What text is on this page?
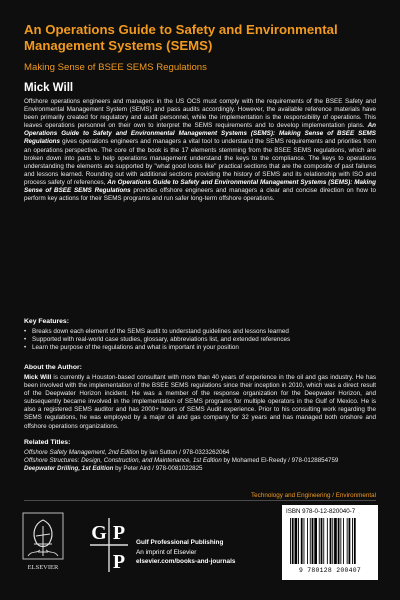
An Operations Guide to Safety and Environmental Management Systems (SEMS)

Making Sense of BSEE SEMS Regulations

Mick Will

Offshore operations engineers and managers in the US OCS must comply with the requirements of the BSEE Safety and Environmental Management System (SEMS) and pass audits accordingly. However, the available reference materials have been primarily created for regulatory and audit personnel, while the implementation is the responsibility of operations. This leaves operations personnel on their own to interpret the SEMS requirements and to develop implementation plans. An Operations Guide to Safety and Environmental Management Systems (SEMS): Making Sense of BSEE SEMS Regulations gives operations engineers and managers a vital tool to understand the SEMS requirements and priorities from an operations perspective. The core of the book is the 17 elements stemming from the BSEE SEMS regulations, which are broken down into parts to help operations management understand the keys to the compliance. The keys to operations understanding the elements are supported by "what good looks like" practical sections that are the composite of past failures and lessons learned. Rounding out with additional sections providing the history of SEMS and its relationship with ISO and process safety of references, An Operations Guide to Safety and Environmental Management Systems (SEMS): Making Sense of BSEE SEMS Regulations provides offshore engineers and managers a clear and concise direction on how to perform key actions for their SEMS programs and run safer long-term offshore operations.

Key Features:

• Breaks down each element of the SEMS audit to understand guidelines and lessons learned
• Supported with real-world case studies, glossary, abbreviations list, and extended references
• Learn the purpose of the regulations and what is important in your position

About the Author:

Mick Will is currently a Houston-based consultant with more than 40 years of experience in the oil and gas industry. He has been involved with the implementation of the BSEE SEMS regulations since their inception in 2010, which was a direct result of the Deepwater Horizon incident. He was a member of the response organization for the Deepwater Horizon, and subsequently became involved in the implementation of SEMS programs for multiple operators in the Gulf of Mexico. He is also a registered SEMS auditor and has 2000+ hours of SEMS Audit experience. Prior to his consulting work regarding the SEMS regulations, he was employed by a major oil and gas company for 32 years and has managed both onshore and offshore operations organizations.

Related Titles:

Offshore Safety Management, 2nd Edition by Ian Sutton / 978-0323262064
Offshore Structures: Design, Construction, and Maintenance, 1st Edition by Mohamed El-Reedy / 978-0128854759
Deepwater Drilling, 1st Edition by Peter Aird / 978-0081022825

Technology and Engineering / Environmental

ELSEVIER
G P
P
Gulf Professional Publishing
An imprint of Elsevier
elsevier.com/books-and-journals
ISBN 978-0-12-820040-7
9 780128 200407
